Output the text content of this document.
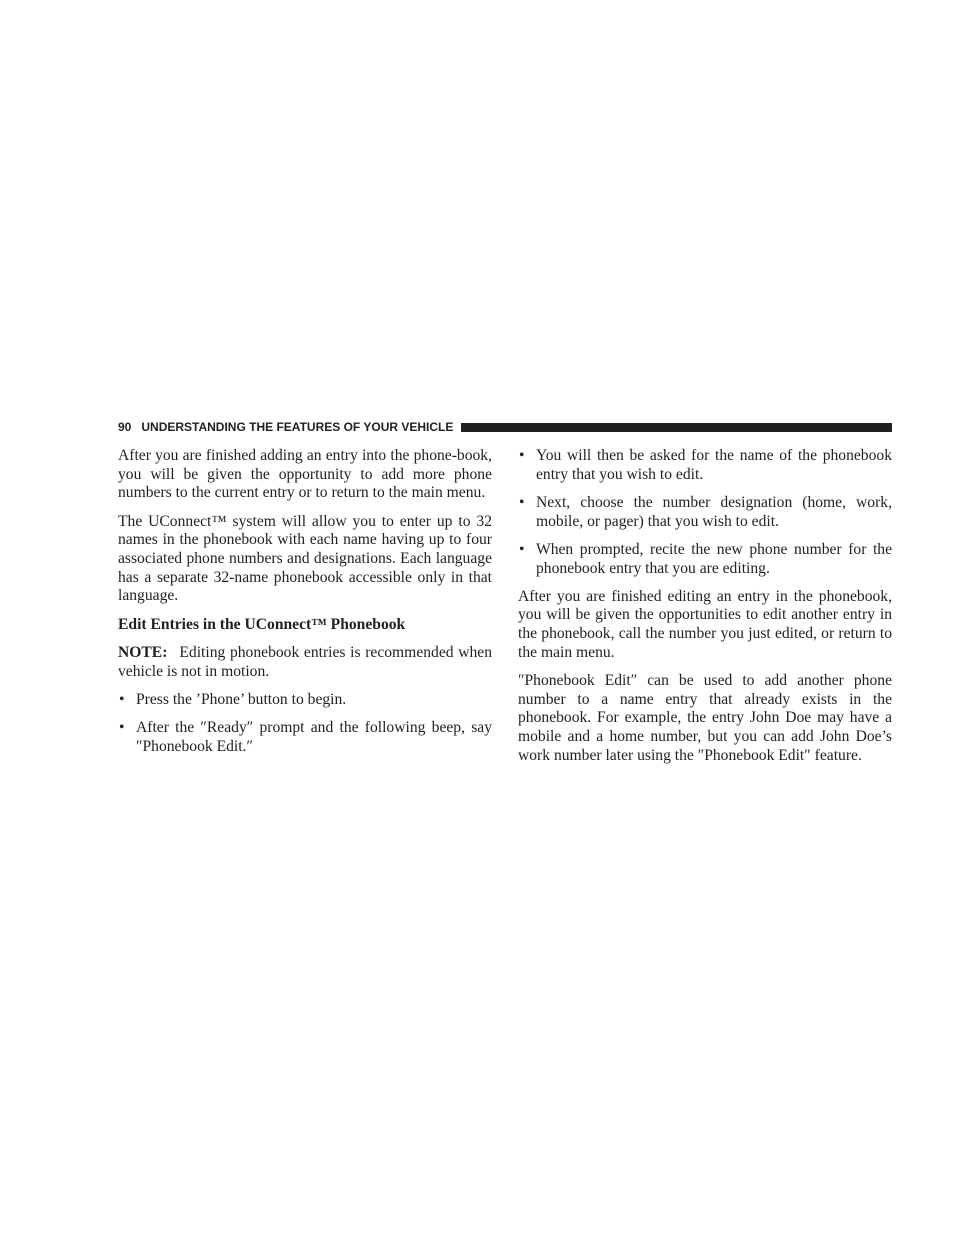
90 UNDERSTANDING THE FEATURES OF YOUR VEHICLE

After you are finished adding an entry into the phone-book, you will be given the opportunity to add more phone numbers to the current entry or to return to the main menu.

The UConnect™ system will allow you to enter up to 32 names in the phonebook with each name having up to four associated phone numbers and designations. Each language has a separate 32-name phonebook accessible only in that language.

Edit Entries in the UConnect™ Phonebook

NOTE: Editing phonebook entries is recommended when vehicle is not in motion.

• Press the ’Phone’ button to begin.
• After the ″Ready″ prompt and the following beep, say ″Phonebook Edit.″
• You will then be asked for the name of the phonebook entry that you wish to edit.
• Next, choose the number designation (home, work, mobile, or pager) that you wish to edit.
• When prompted, recite the new phone number for the phonebook entry that you are editing.

After you are finished editing an entry in the phonebook, you will be given the opportunities to edit another entry in the phonebook, call the number you just edited, or return to the main menu.

″Phonebook Edit″ can be used to add another phone number to a name entry that already exists in the phonebook. For example, the entry John Doe may have a mobile and a home number, but you can add John Doe’s work number later using the ″Phonebook Edit″ feature.
